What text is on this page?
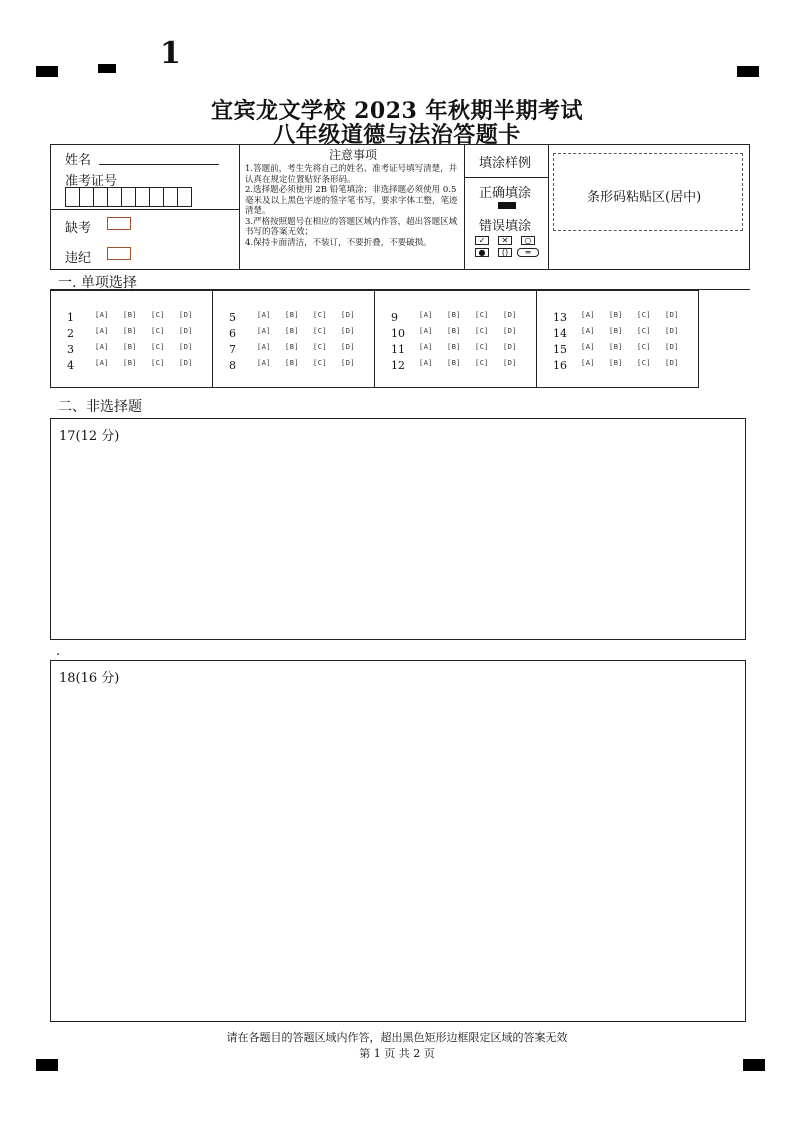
1
宜宾龙文学校 2023 年秋期半期考试
八年级道德与法治答题卡
姓名
准考证号
缺考
违纪
注意事项
1.答题前，考生先将自己的姓名、准考证号填写清楚，并认真在规定位置贴好条形码。
2.选择题必须使用 2B 铅笔填涂；非选择题必须使用 0.5 毫米及以上黑色字迹的签字笔书写，要求字体工整，笔迹清楚。
3.严格按照题号在相应的答题区域内作答，超出答题区域书写的答案无效；
4.保持卡面清洁，不装订，不要折叠，不要破损。
填涂样例
正确填涂
错误填涂
✓	✕	○
●	()	═
条形码粘贴区(居中)
一. 单项选择
1	[A] [B] [C] [D]
2	[A] [B] [C] [D]
3	[A] [B] [C] [D]
4	[A] [B] [C] [D]
5	[A] [B] [C] [D]
6	[A] [B] [C] [D]
7	[A] [B] [C] [D]
8	[A] [B] [C] [D]
9	[A] [B] [C] [D]
10 [A] [B] [C] [D]
11 [A] [B] [C] [D]
12 [A] [B] [C] [D]
13 [A] [B] [C] [D]
14 [A] [B] [C] [D]
15 [A] [B] [C] [D]
16 [A] [B] [C] [D]
二、非选择题
17(12 分)
.
18(16 分)
请在各题目的答题区域内作答，超出黑色矩形边框限定区域的答案无效
第 1 页 共 2 页
